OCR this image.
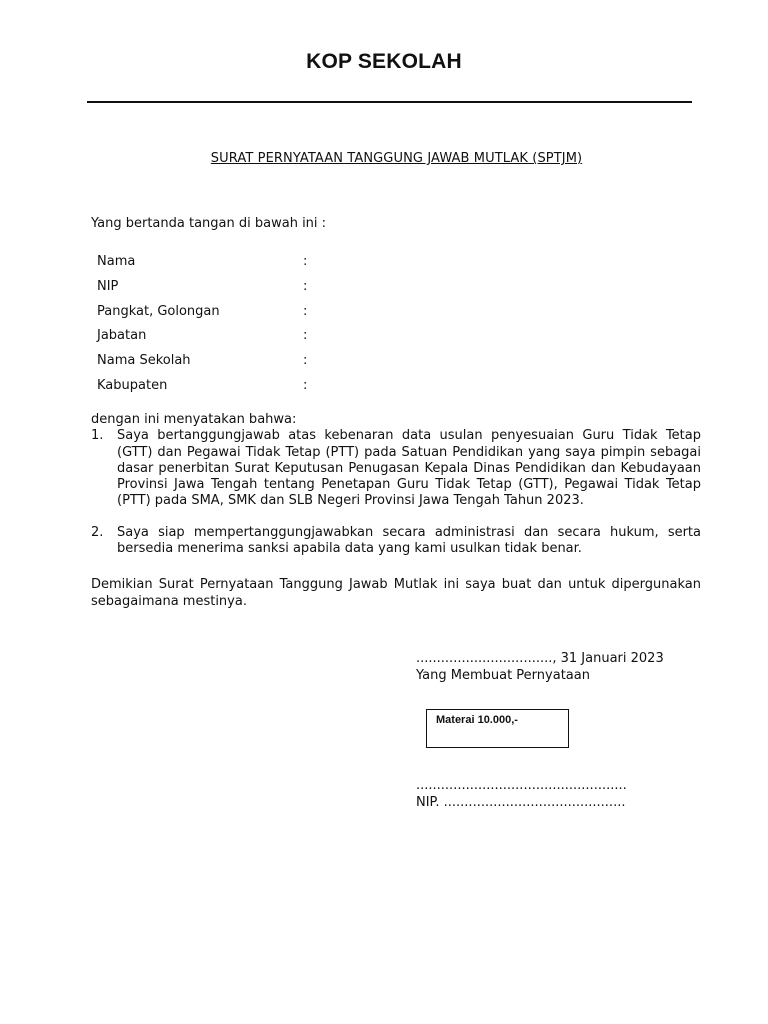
KOP SEKOLAH
SURAT PERNYATAAN TANGGUNG JAWAB MUTLAK (SPTJM)
Yang bertanda tangan di bawah ini :
Nama	:
NIP	:
Pangkat, Golongan	:
Jabatan	:
Nama Sekolah	:
Kabupaten	:

dengan ini menyatakan bahwa:

1. Saya bertanggungjawab atas kebenaran data usulan penyesuaian Guru Tidak Tetap (GTT) dan Pegawai Tidak Tetap (PTT) pada Satuan Pendidikan yang saya pimpin sebagai dasar penerbitan Surat Keputusan Penugasan Kepala Dinas Pendidikan dan Kebudayaan Provinsi Jawa Tengah tentang Penetapan Guru Tidak Tetap (GTT), Pegawai Tidak Tetap (PTT) pada SMA, SMK dan SLB Negeri Provinsi Jawa Tengah Tahun 2023.
2. Saya siap mempertanggungjawabkan secara administrasi dan secara hukum, serta bersedia menerima sanksi apabila data yang kami usulkan tidak benar.
Demikian Surat Pernyataan Tanggung Jawab Mutlak ini saya buat dan untuk dipergunakan sebagaimana mestinya.
................................., 31 Januari 2023
Yang Membuat Pernyataan
Materai 10.000,-
...................................................
NIP. ............................................
